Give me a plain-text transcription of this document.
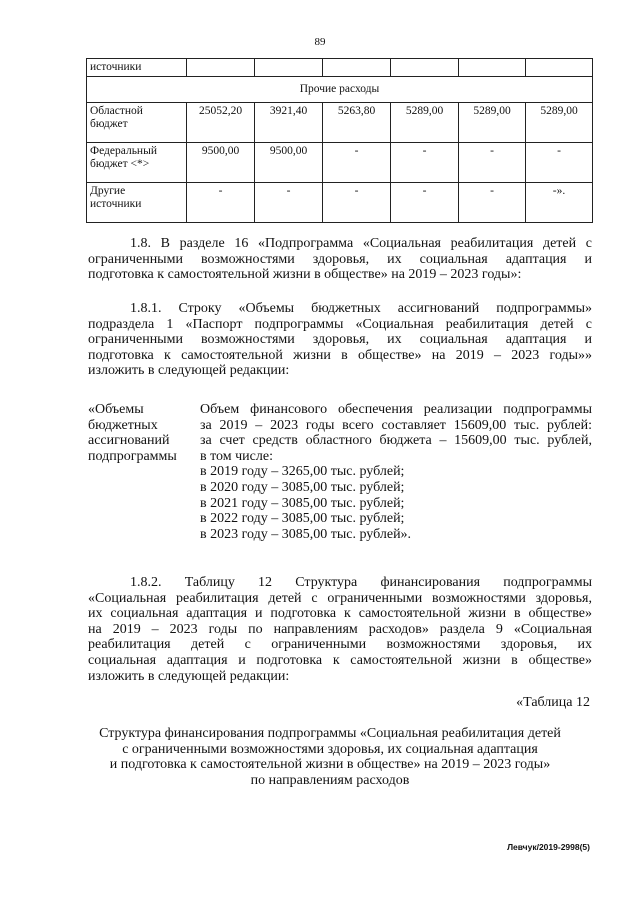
89
источники						
Прочие расходы						

Областной
бюджет	25052,20	3921,40	5263,80	5289,00	5289,00	5289,00

Федеральный
бюджет <*>	9500,00	9500,00	-	-	-	-

Другие
источники	-	-	-	-	-	-».
1.8. В разделе 16 «Подпрограмма «Социальная реабилитация детей с
ограниченными возможностями здоровья, их социальная адаптация и
подготовка к самостоятельной жизни в обществе» на 2019 – 2023 годы»:
1.8.1. Строку «Объемы бюджетных ассигнований подпрограммы»
подраздела 1 «Паспорт подпрограммы «Социальная реабилитация детей с
ограниченными возможностями здоровья, их социальная адаптация и
подготовка к самостоятельной жизни в обществе» на 2019 – 2023 годы»»
изложить в следующей редакции:
«Объемы
бюджетных
ассигнований
подпрограммы
Объем финансового обеспечения реализации подпрограммы
за 2019 – 2023 годы всего составляет 15609,00 тыс. рублей:
за счет средств областного бюджета – 15609,00 тыс. рублей,
в том числе:
в 2019 году – 3265,00 тыс. рублей;
в 2020 году – 3085,00 тыс. рублей;
в 2021 году – 3085,00 тыс. рублей;
в 2022 году – 3085,00 тыс. рублей;
в 2023 году – 3085,00 тыс. рублей».
1.8.2. Таблицу 12 Структура финансирования подпрограммы
«Социальная реабилитация детей с ограниченными возможностями здоровья,
их социальная адаптация и подготовка к самостоятельной жизни в обществе»
на 2019 – 2023 годы по направлениям расходов» раздела 9 «Социальная
реабилитация детей с ограниченными возможностями здоровья, их
социальная адаптация и подготовка к самостоятельной жизни в обществе»
изложить в следующей редакции:
«Таблица 12
Структура финансирования подпрограммы «Социальная реабилитация детей
с ограниченными возможностями здоровья, их социальная адаптация
и подготовка к самостоятельной жизни в обществе» на 2019 – 2023 годы»
по направлениям расходов
Левчук/2019-2998(5)
